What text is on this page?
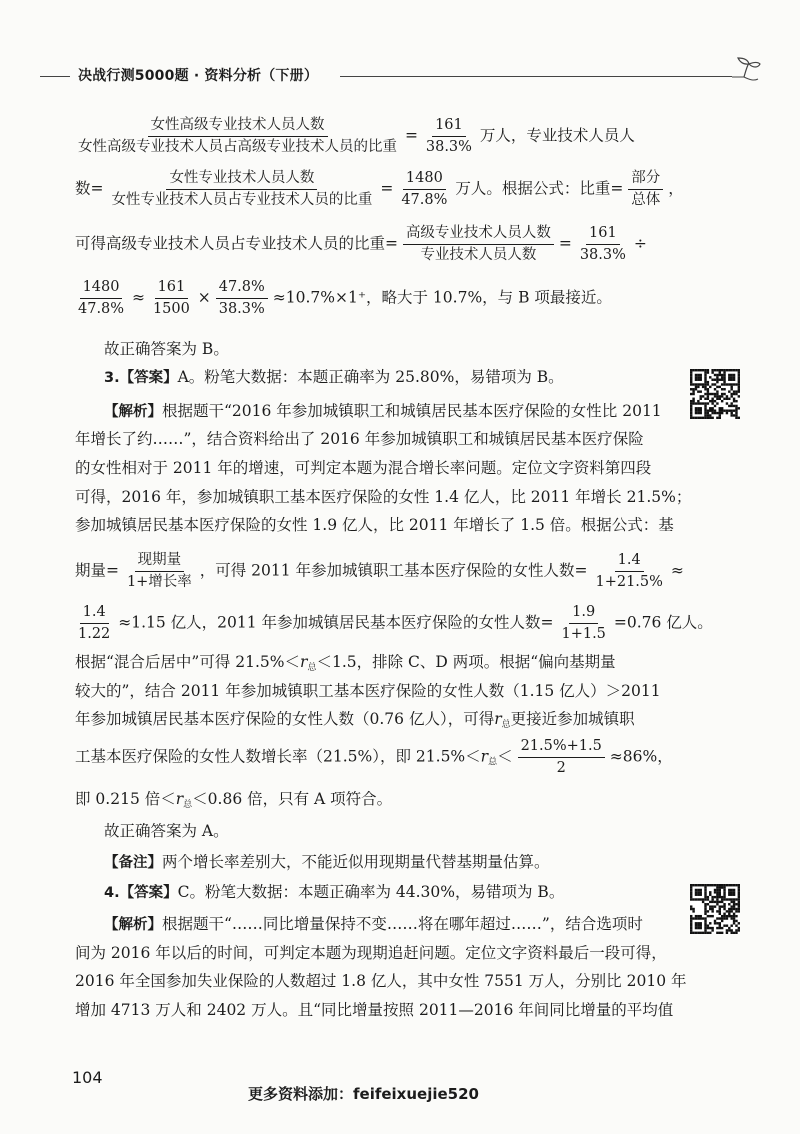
决战行测5000题 · 资料分析（下册）
$\frac{\text{女性高级专业技术人员人数}}{\text{女性高级专业技术人员占高级专业技术人员的比重}} = \frac{161}{38.3\%}$ 万人，专业技术人员人
数= $\frac{\text{女性专业技术人员人数}}{\text{女性专业技术人员占专业技术人员的比重}} = \frac{1480}{47.8\%}$ 万人。根据公式：比重= $\frac{\text{部分}}{\text{总体}}$ ，
可得高级专业技术人员占专业技术人员的比重= $\frac{\text{高级专业技术人员人数}}{\text{专业技术人员人数}} = \frac{161}{38.3\%}$ ÷
$\frac{1480}{47.8\%} \approx \frac{161}{1500} \times \frac{47.8\%}{38.3\%} \approx 10.7\%\times 1^+$，略大于 10.7%，与 B 项最接近。
故正确答案为 B。
3.【答案】A。粉笔大数据：本题正确率为 25.80%，易错项为 B。
【解析】根据题干“2016 年参加城镇职工和城镇居民基本医疗保险的女性比 2011
年增长了约……”，结合资料给出了 2016 年参加城镇职工和城镇居民基本医疗保险
的女性相对于 2011 年的增速，可判定本题为混合增长率问题。定位文字资料第四段
可得，2016 年，参加城镇职工基本医疗保险的女性 1.4 亿人，比 2011 年增长 21.5%；
参加城镇居民基本医疗保险的女性 1.9 亿人，比 2011 年增长了 1.5 倍。根据公式：基
期量= $\frac{\text{现期量}}{\text{1+增长率}}$ ，可得 2011 年参加城镇职工基本医疗保险的女性人数= $\frac{1.4}{1+21.5\%}$ ≈
$\frac{1.4}{1.22} \approx 1.15$ 亿人，2011 年参加城镇居民基本医疗保险的女性人数= $\frac{1.9}{1+1.5} =0.76$ 亿人。
根据“混合后居中”可得 $21.5\%<r_总<1.5$，排除 C、D 两项。根据“偏向基期量
较大的”，结合 2011 年参加城镇职工基本医疗保险的女性人数（1.15 亿人）＞2011
年参加城镇居民基本医疗保险的女性人数（0.76 亿人），可得$r_总$更接近参加城镇职
工基本医疗保险的女性人数增长率（21.5%），即 $21.5\%<r_总< \frac{21.5\%+1.5}{2} \approx 86\%$，
即 0.215 倍$<r_总<0.86$ 倍，只有 A 项符合。
故正确答案为 A。
【备注】两个增长率差别大，不能近似用现期量代替基期量估算。
4.【答案】C。粉笔大数据：本题正确率为 44.30%，易错项为 B。
【解析】根据题干“……同比增量保持不变……将在哪年超过……”，结合选项时
间为 2016 年以后的时间，可判定本题为现期追赶问题。定位文字资料最后一段可得，
2016 年全国参加失业保险的人数超过 1.8 亿人，其中女性 7551 万人，分别比 2010 年
增加 4713 万人和 2402 万人。且“同比增量按照 2011—2016 年间同比增量的平均值
104
更多资料添加：feifeixuejie520
